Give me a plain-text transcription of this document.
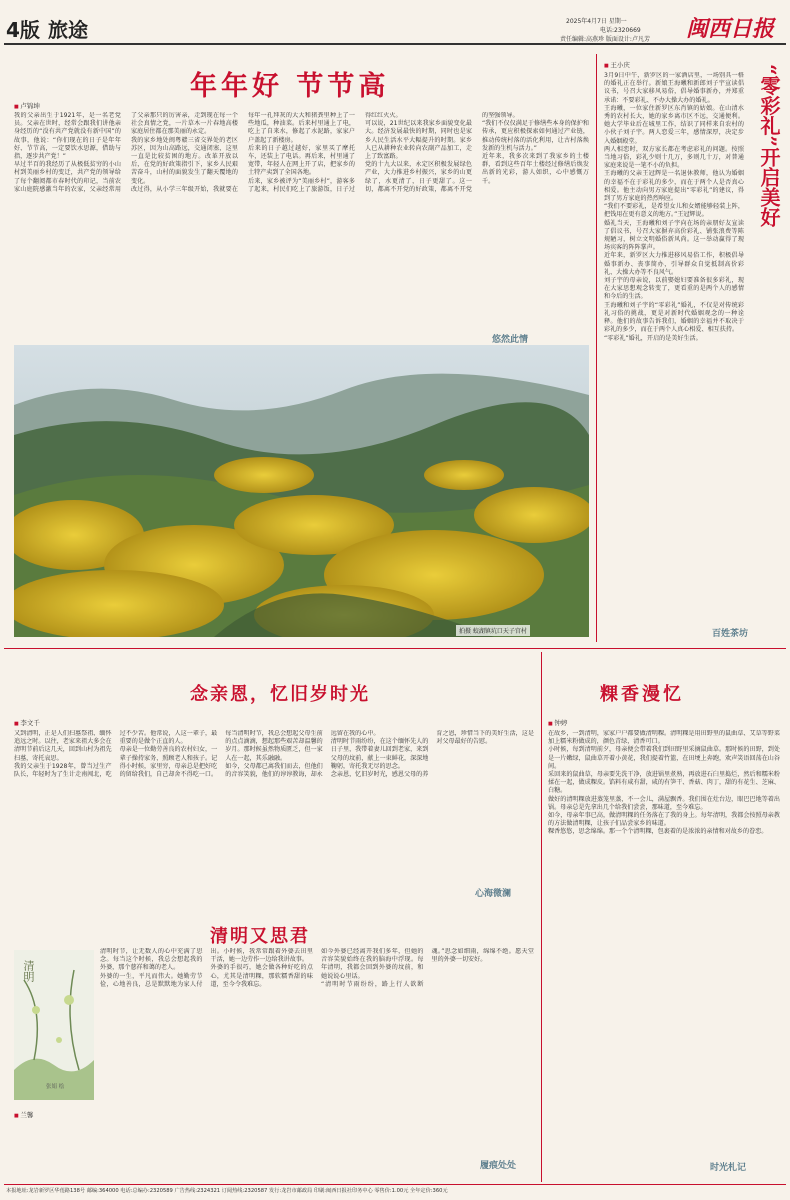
4版 旅途	2025年4月7日 星期一
电话:2320669
责任编辑:高燕珍 版面设计:卢凡芳 闽西日报
年年好 节节高
■ 卢锦坤
我的父亲出生于1921年，是一名老党员。父亲在世时，经常会跟我们讲他亲身经历的“没有共产党就没有新中国”的故事，他说：“你们现在的日子是年年好、节节高，一定要饮水思源，借助与指，逐步共产党！”
早过半百的我经历了从极低贫穷的小山村到美丽乡村的变迁，共产党的领导给了每个翻阅都市春时代的印记，当前农家山庭院感激当年的农家，父亲经常用了父亲那只的厉害亲，走到现在每一个社会真情之党，一片草木一片春地高楼家庭居住都在那美丽的永定。
我的家乡地处闽粤赣三省交界处的老区苏区，因为山高路远，交通闭塞，这里一直是比较贫困的地方。改革开放以后，在党的好政策指引下，家乡人民艰苦奋斗，山村的面貌发生了翻天覆地的变化。
改过得，从小学三年级开始，我就要在每年一孔拜灰的大大和猪粪里种上了一些地瓜，种油菜。后来村里通上了电，吃上了自来水，修起了水泥路，家家户户盖起了新楼房。
后来的日子越过越好，家里买了摩托车，还装上了电话。再后来，村里通了宽带，年轻人在网上开了店，把家乡的土特产卖到了全国各地。
后来，家乡被评为“美丽乡村”，游客多了起来，村民们吃上了旅游饭，日子过得红红火火。
可以说，21世纪以来我家乡面貌变化最大。经济发展最快的时期，同时也是家乡人民生活水平大幅提升的时期。家乡人已从耕种农业转向农副产品加工，走上了致富路。
党的十九大以来，永定区积极发展绿色产业，大力推进乡村振兴，家乡的山更绿了，水更清了，日子更甜了。这一切，都离不开党的好政策，都离不开党的坚强领导。
“我们不仅仅满足于修缮些本身的保护和传承，更应积极探索如何通过产业链，推动传统村落的活化利用，让古村落焕发新的生机与活力。”
近年来，我多次来到了我家乡的土楼群，看到这些百年土楼经过修缮后焕发出新的光彩，游人如织，心中感慨万千。
悠然此情
拍摄 蛟湖镇坑口天子宫村
■ 王小庆	“零彩礼”开启美好
3月9日中午，新罗区的一家酒店里，一场别具一格的婚礼正在举行。新娘王海曦和新郎刘子宇宣读倡议书，号召大家移风易俗，倡导婚事新办，并郑重承诺：不要彩礼、不办大操大办的婚礼。
王海曦，一位家住新罗区东肖镇的姑娘。在山清水秀的农村长大，她的家乡离市区不远，交通便利。她大学毕业后在城里工作，结识了同样来自农村的小伙子刘子宇。两人恋爱三年，感情深厚，决定步入婚姻殿堂。
两人相恋时，双方家长都在考虑彩礼的问题。按照当地习俗，彩礼少则十几万，多则几十万，对普通家庭来说是一笔不小的负担。
王海曦的父亲王冠辉是一名退休教师，他认为婚姻的幸福不在于彩礼的多少，而在于两个人是否真心相爱。他主动向男方家庭提出“零彩礼”的建议，得到了男方家庭的热烈响应。
“我们不要彩礼，是希望女儿和女婿能够轻装上阵，把钱用在更有意义的地方。”王冠辉说。
婚礼当天，王海曦和刘子宇向在场的亲朋好友宣读了倡议书，号召大家摒弃高价彩礼、铺张浪费等陈规陋习，树立文明婚俗新风尚。这一举动赢得了现场宾客的阵阵掌声。
近年来，新罗区大力推进移风易俗工作，积极倡导婚事新办、丧事简办，引导群众自觉抵制高价彩礼、大操大办等不良风气。
刘子宇的母亲说，以前娶媳妇要准备很多彩礼，现在大家思想观念转变了，更看重的是两个人的感情和今后的生活。
王海曦和刘子宇的“零彩礼”婚礼，不仅是对传统彩礼习俗的挑战，更是对新时代婚姻观念的一种诠释。他们的故事告诉我们，婚姻的幸福并不取决于彩礼的多少，而在于两个人真心相爱、相互扶持。
“零彩礼”婚礼，开启的是美好生活。
百姓茶坊
念亲恩，忆旧岁时光
■ 李文千
又到清明，正是人们扫墓祭祖、缅怀追远之时。以往，老家来祖大多会在清明节前后这几天，回到山村为祖先扫墓，寄托哀思。
我的父亲生于1928年，曾当过生产队长，年轻时为了生计走南闯北，吃过不少苦。他常说，人这一辈子，最重要的是做个正直的人。
母亲是一位勤劳善良的农村妇女，一辈子操持家务，照顾老人和孩子。记得小时候，家里穷，母亲总是把好吃的留给我们，自己却舍不得吃一口。
每当清明时节，我总会想起父母生前的点点滴滴，想起那些艰苦却温馨的岁月。那时候虽然物质匮乏，但一家人在一起，其乐融融。
如今，父母都已离我们而去，但他们的音容笑貌，他们的谆谆教诲，却永远留在我的心中。
清明时节雨纷纷，在这个缅怀先人的日子里，我带着妻儿回到老家，来到父母的坟前，献上一束鲜花，深深地鞠躬，寄托我无尽的思念。
念亲恩，忆旧岁时光，感恩父母的养育之恩，珍惜当下的美好生活，这是对父母最好的告慰。
心海微澜
清明又思君
清明
张娟 绘
■ 兰馨
清明时节，让无数人的心中充满了思念。每当这个时候，我总会想起我的外婆，那个慈祥和蔼的老人。
外婆的一生，平凡而伟大。她勤劳节俭，心地善良，总是默默地为家人付出。小时候，我常常跟着外婆去田里干活，她一边劳作一边给我讲故事。
外婆的手很巧，她会做各种好吃的点心，尤其是清明粿，那软糯香甜的味道，至今令我难忘。
如今外婆已经离开我们多年，但她的音容笑貌始终在我的脑海中浮现。每年清明，我都会回到外婆的坟前，和她说说心里话。
“清明时节雨纷纷，路上行人欲断魂。”思念如细雨，绵绵不绝。愿天堂里的外婆一切安好。
履痕处处
粿香漫忆
■ 钟婷
在故乡，一到清明，家家户户都要做清明粿。清明粿是用田野里的鼠曲草、艾草等野菜加上糯米粉做成的，颜色青绿，清香可口。
小时候，每到清明前夕，母亲便会带着我们到田野里采摘鼠曲草。那时候的田野，到处是一片嫩绿，鼠曲草开着小黄花，我们提着竹篮，在田埂上奔跑，欢声笑语回荡在山谷间。
采回来的鼠曲草，母亲要先洗干净，放进锅里煮熟，再放进石臼里捣烂，然后和糯米粉揉在一起，做成粿皮。馅料有咸有甜，咸的有笋干、香菇、肉丁，甜的有花生、芝麻、白糖。
做好的清明粿放进蒸笼里蒸，不一会儿，满屋飘香。我们围在灶台边，眼巴巴地等着出锅。母亲总是先拿出几个给我们尝尝，那味道，至今难忘。
如今，母亲年事已高，做清明粿的任务落在了我的身上。每年清明，我都会按照母亲教的方法做清明粿，让孩子们品尝家乡的味道。
粿香悠悠，思念绵绵。那一个个清明粿，包裹着的是浓浓的亲情和对故乡的眷恋。
时光札记
本报地址:龙岩新罗区华莲路138号 邮编:364000 电话:总编办:2320589 广告热线:2324321 订阅热线:2320587 发行:龙岩市邮政局 印刷:闽西日报社印务中心 零售价:1.00元 全年定价:360元
